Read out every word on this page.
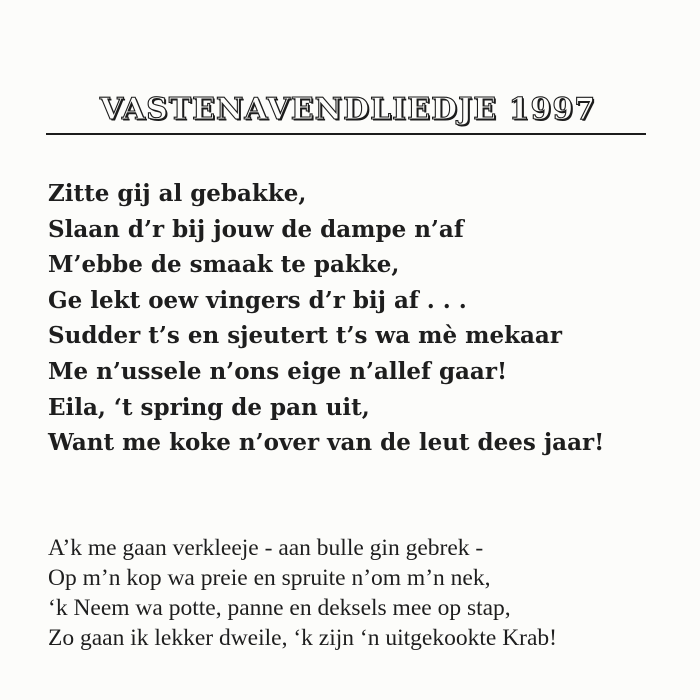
VASTENAVENDLIEDJE 1997
Zitte gij al gebakke,
Slaan d’r bij jouw de dampe n’af
M’ebbe de smaak te pakke,
Ge lekt oew vingers d’r bij af . . .
Sudder t’s en sjeutert t’s wa mè mekaar
Me n’ussele n’ons eige n’allef gaar!
Eila, ‘t spring de pan uit,
Want me koke n’over van de leut dees jaar!
A’k me gaan verkleeje - aan bulle gin gebrek -
Op m’n kop wa preie en spruite n’om m’n nek,
‘k Neem wa potte, panne en deksels mee op stap,
Zo gaan ik lekker dweile, ‘k zijn ‘n uitgekookte Krab!
